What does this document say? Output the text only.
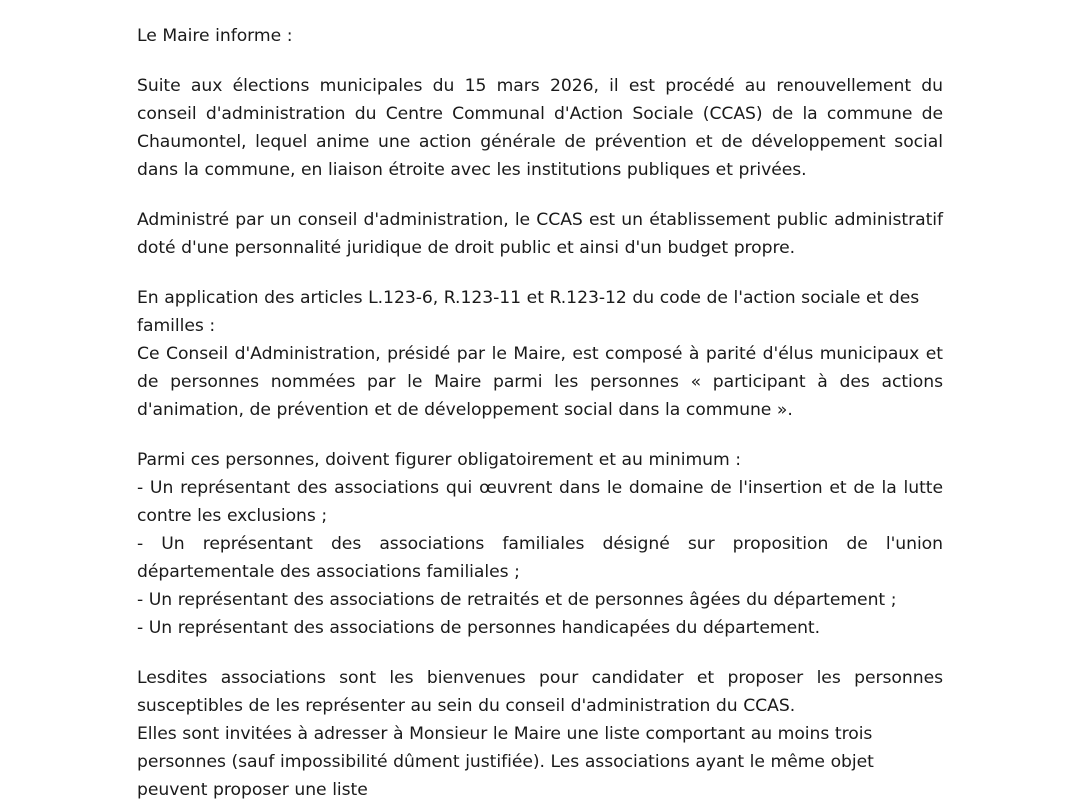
Le Maire informe :

Suite aux élections municipales du 15 mars 2026, il est procédé au renouvellement du conseil d'administration du Centre Communal d'Action Sociale (CCAS) de la commune de Chaumontel, lequel anime une action générale de prévention et de développement social dans la commune, en liaison étroite avec les institutions publiques et privées.

Administré par un conseil d'administration, le CCAS est un établissement public administratif doté d'une personnalité juridique de droit public et ainsi d'un budget propre.

En application des articles L.123-6, R.123-11 et R.123-12 du code de l'action sociale et des familles :

Ce Conseil d'Administration, présidé par le Maire, est composé à parité d'élus municipaux et de personnes nommées par le Maire parmi les personnes « participant à des actions d'animation, de prévention et de développement social dans la commune ».

Parmi ces personnes, doivent figurer obligatoirement et au minimum :

- Un représentant des associations qui œuvrent dans le domaine de l'insertion et de la lutte contre les exclusions ;

- Un représentant des associations familiales désigné sur proposition de l'union départementale des associations familiales ;

- Un représentant des associations de retraités et de personnes âgées du département ;

- Un représentant des associations de personnes handicapées du département.

Lesdites associations sont les bienvenues pour candidater et proposer les personnes susceptibles de les représenter au sein du conseil d'administration du CCAS.

Elles sont invitées à adresser à Monsieur le Maire une liste comportant au moins trois personnes (sauf impossibilité dûment justifiée). Les associations ayant le même objet peuvent proposer une liste
